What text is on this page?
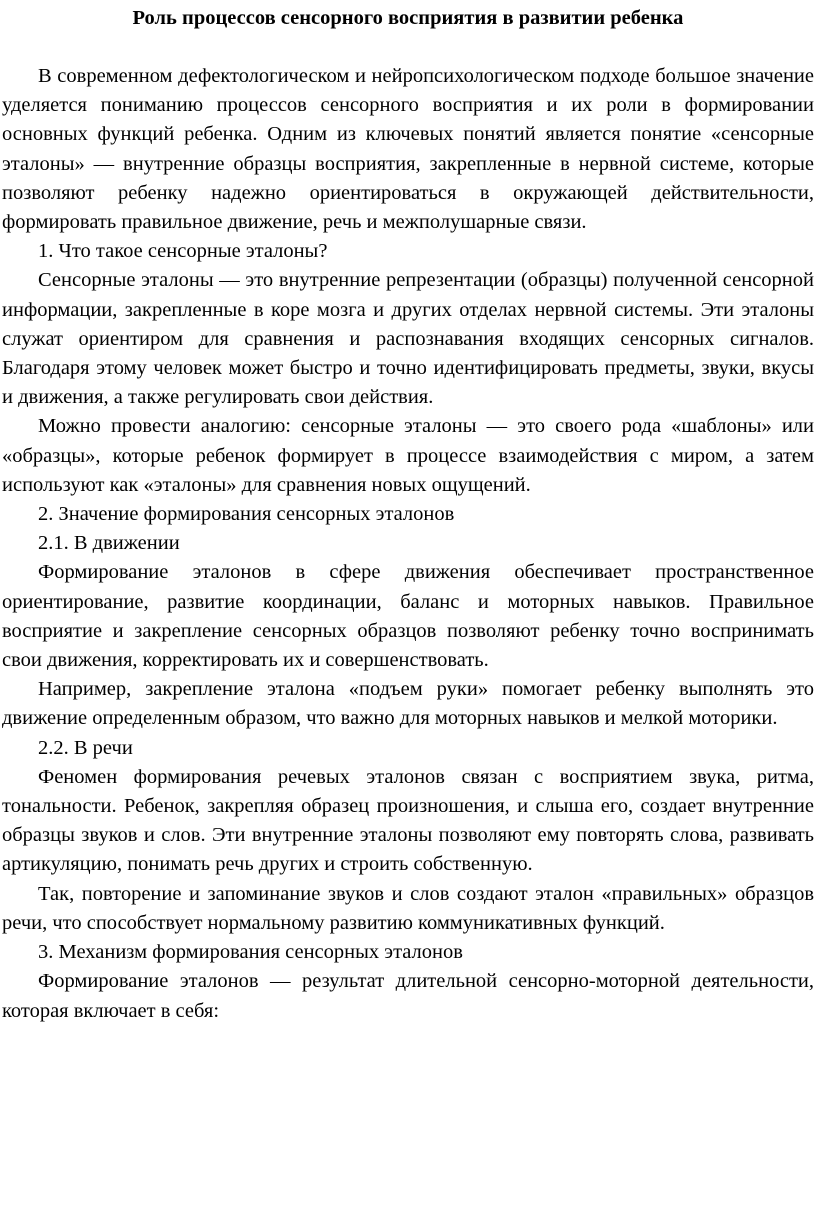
Роль процессов сенсорного восприятия в развитии ребенка

В современном дефектологическом и нейропсихологическом подходе большое значение уделяется пониманию процессов сенсорного восприятия и их роли в формировании основных функций ребенка. Одним из ключевых понятий является понятие «сенсорные эталоны» — внутренние образцы восприятия, закрепленные в нервной системе, которые позволяют ребенку надежно ориентироваться в окружающей действительности, формировать правильное движение, речь и межполушарные связи.

1. Что такое сенсорные эталоны?

Сенсорные эталоны — это внутренние репрезентации (образцы) полученной сенсорной информации, закрепленные в коре мозга и других отделах нервной системы. Эти эталоны служат ориентиром для сравнения и распознавания входящих сенсорных сигналов. Благодаря этому человек может быстро и точно идентифицировать предметы, звуки, вкусы и движения, а также регулировать свои действия.

Можно провести аналогию: сенсорные эталоны — это своего рода «шаблоны» или «образцы», которые ребенок формирует в процессе взаимодействия с миром, а затем используют как «эталоны» для сравнения новых ощущений.

2. Значение формирования сенсорных эталонов

2.1. В движении

Формирование эталонов в сфере движения обеспечивает пространственное ориентирование, развитие координации, баланс и моторных навыков. Правильное восприятие и закрепление сенсорных образцов позволяют ребенку точно воспринимать свои движения, корректировать их и совершенствовать.

Например, закрепление эталона «подъем руки» помогает ребенку выполнять это движение определенным образом, что важно для моторных навыков и мелкой моторики.

2.2. В речи

Феномен формирования речевых эталонов связан с восприятием звука, ритма, тональности. Ребенок, закрепляя образец произношения, и слыша его, создает внутренние образцы звуков и слов. Эти внутренние эталоны позволяют ему повторять слова, развивать артикуляцию, понимать речь других и строить собственную.

Так, повторение и запоминание звуков и слов создают эталон «правильных» образцов речи, что способствует нормальному развитию коммуникативных функций.

3. Механизм формирования сенсорных эталонов

Формирование эталонов — результат длительной сенсорно-моторной деятельности, которая включает в себя:
